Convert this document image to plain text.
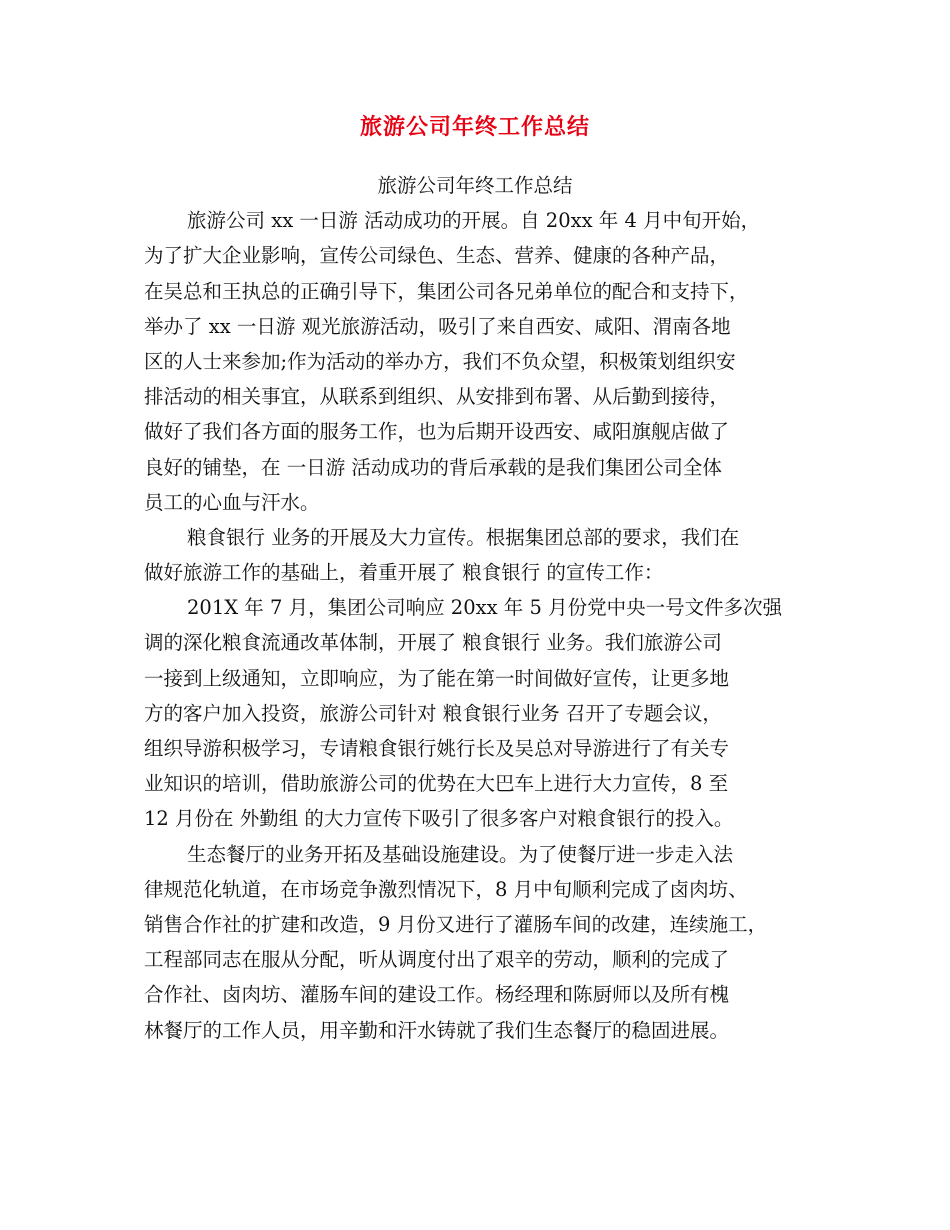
旅游公司年终工作总结
旅游公司年终工作总结
旅游公司 xx 一日游 活动成功的开展。自 20xx 年 4 月中旬开始，
为了扩大企业影响，宣传公司绿色、生态、营养、健康的各种产品，
在吴总和王执总的正确引导下，集团公司各兄弟单位的配合和支持下，
举办了 xx 一日游 观光旅游活动，吸引了来自西安、咸阳、渭南各地
区的人士来参加;作为活动的举办方，我们不负众望，积极策划组织安
排活动的相关事宜，从联系到组织、从安排到布署、从后勤到接待，
做好了我们各方面的服务工作，也为后期开设西安、咸阳旗舰店做了
良好的铺垫，在 一日游 活动成功的背后承载的是我们集团公司全体
员工的心血与汗水。
粮食银行 业务的开展及大力宣传。根据集团总部的要求，我们在
做好旅游工作的基础上，着重开展了 粮食银行 的宣传工作：
201X 年 7 月，集团公司响应 20xx 年 5 月份党中央一号文件多次强
调的深化粮食流通改革体制，开展了 粮食银行 业务。我们旅游公司
一接到上级通知，立即响应，为了能在第一时间做好宣传，让更多地
方的客户加入投资，旅游公司针对 粮食银行业务 召开了专题会议，
组织导游积极学习，专请粮食银行姚行长及吴总对导游进行了有关专
业知识的培训，借助旅游公司的优势在大巴车上进行大力宣传，8 至
12 月份在 外勤组 的大力宣传下吸引了很多客户对粮食银行的投入。
生态餐厅的业务开拓及基础设施建设。为了使餐厅进一步走入法
律规范化轨道，在市场竞争激烈情况下，8 月中旬顺利完成了卤肉坊、
销售合作社的扩建和改造，9 月份又进行了灌肠车间的改建，连续施工，
工程部同志在服从分配，听从调度付出了艰辛的劳动，顺利的完成了
合作社、卤肉坊、灌肠车间的建设工作。杨经理和陈厨师以及所有槐
林餐厅的工作人员，用辛勤和汗水铸就了我们生态餐厅的稳固进展。
